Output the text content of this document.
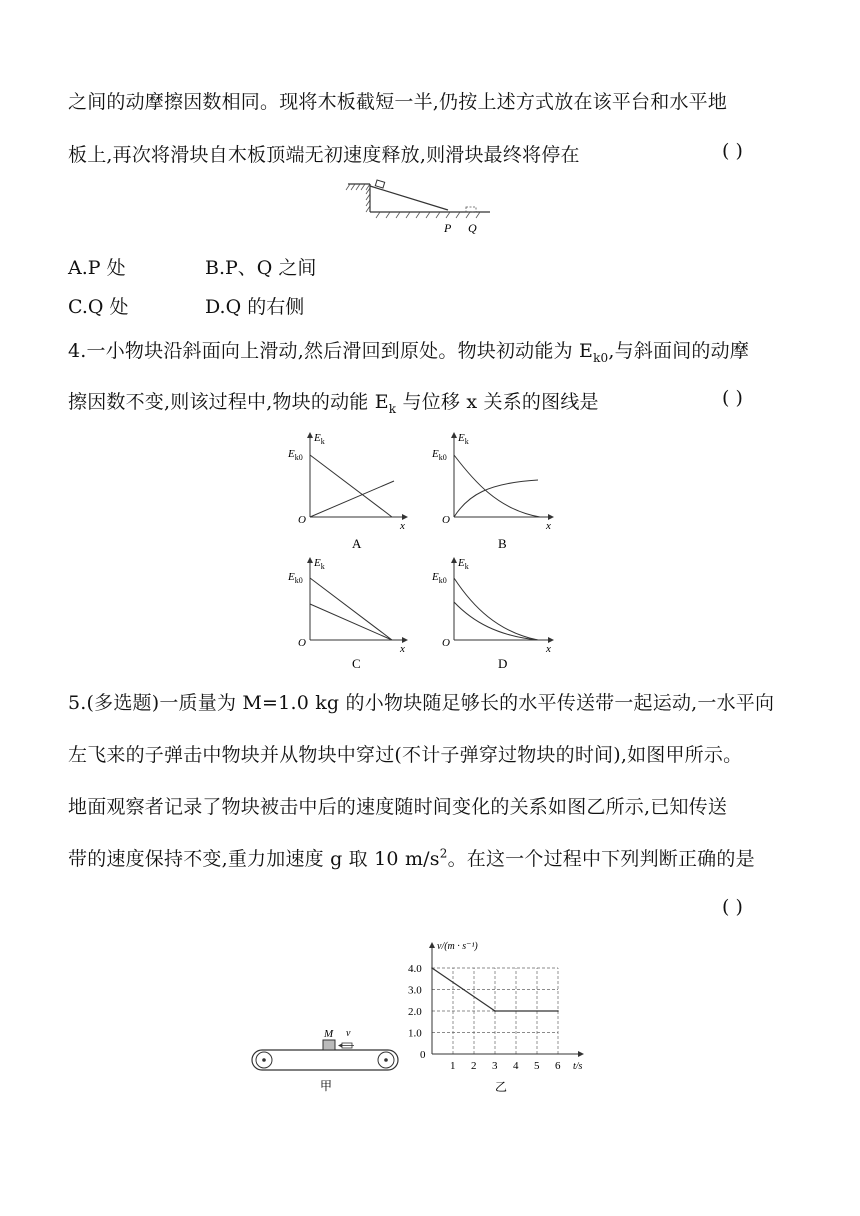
之间的动摩擦因数相同。现将木板截短一半,仍按上述方式放在该平台和水平地
板上,再次将滑块自木板顶端无初速度释放,则滑块最终将停在	( )
P Q
A.P 处	B.P、Q 之间
C.Q 处	D.Q 的右侧
4.一小物块沿斜面向上滑动,然后滑回到原处。物块初动能为 $E_{k0}$,与斜面间的动摩
擦因数不变,则该过程中,物块的动能 $E_k$ 与位移 x 关系的图线是	( )
$E_k$
$E_{k0}$
O	x
A
$E_k$
$E_{k0}$
O	x
B
$E_k$
$E_{k0}$
O	x
C
$E_k$
$E_{k0}$
O	x
D
5.(多选题)一质量为 M=1.0 kg 的小物块随足够长的水平传送带一起运动,一水平向
左飞来的子弹击中物块并从物块中穿过(不计子弹穿过物块的时间),如图甲所示。
地面观察者记录了物块被击中后的速度随时间变化的关系如图乙所示,已知传送
带的速度保持不变,重力加速度 g 取 10 $m/s^2$。在这一个过程中下列判断正确的是
( )
M v
甲
0
1.0
2.0
3.0
4.0
1 2 3 4 5 6
v/(m · s⁻¹)
t/s
乙
